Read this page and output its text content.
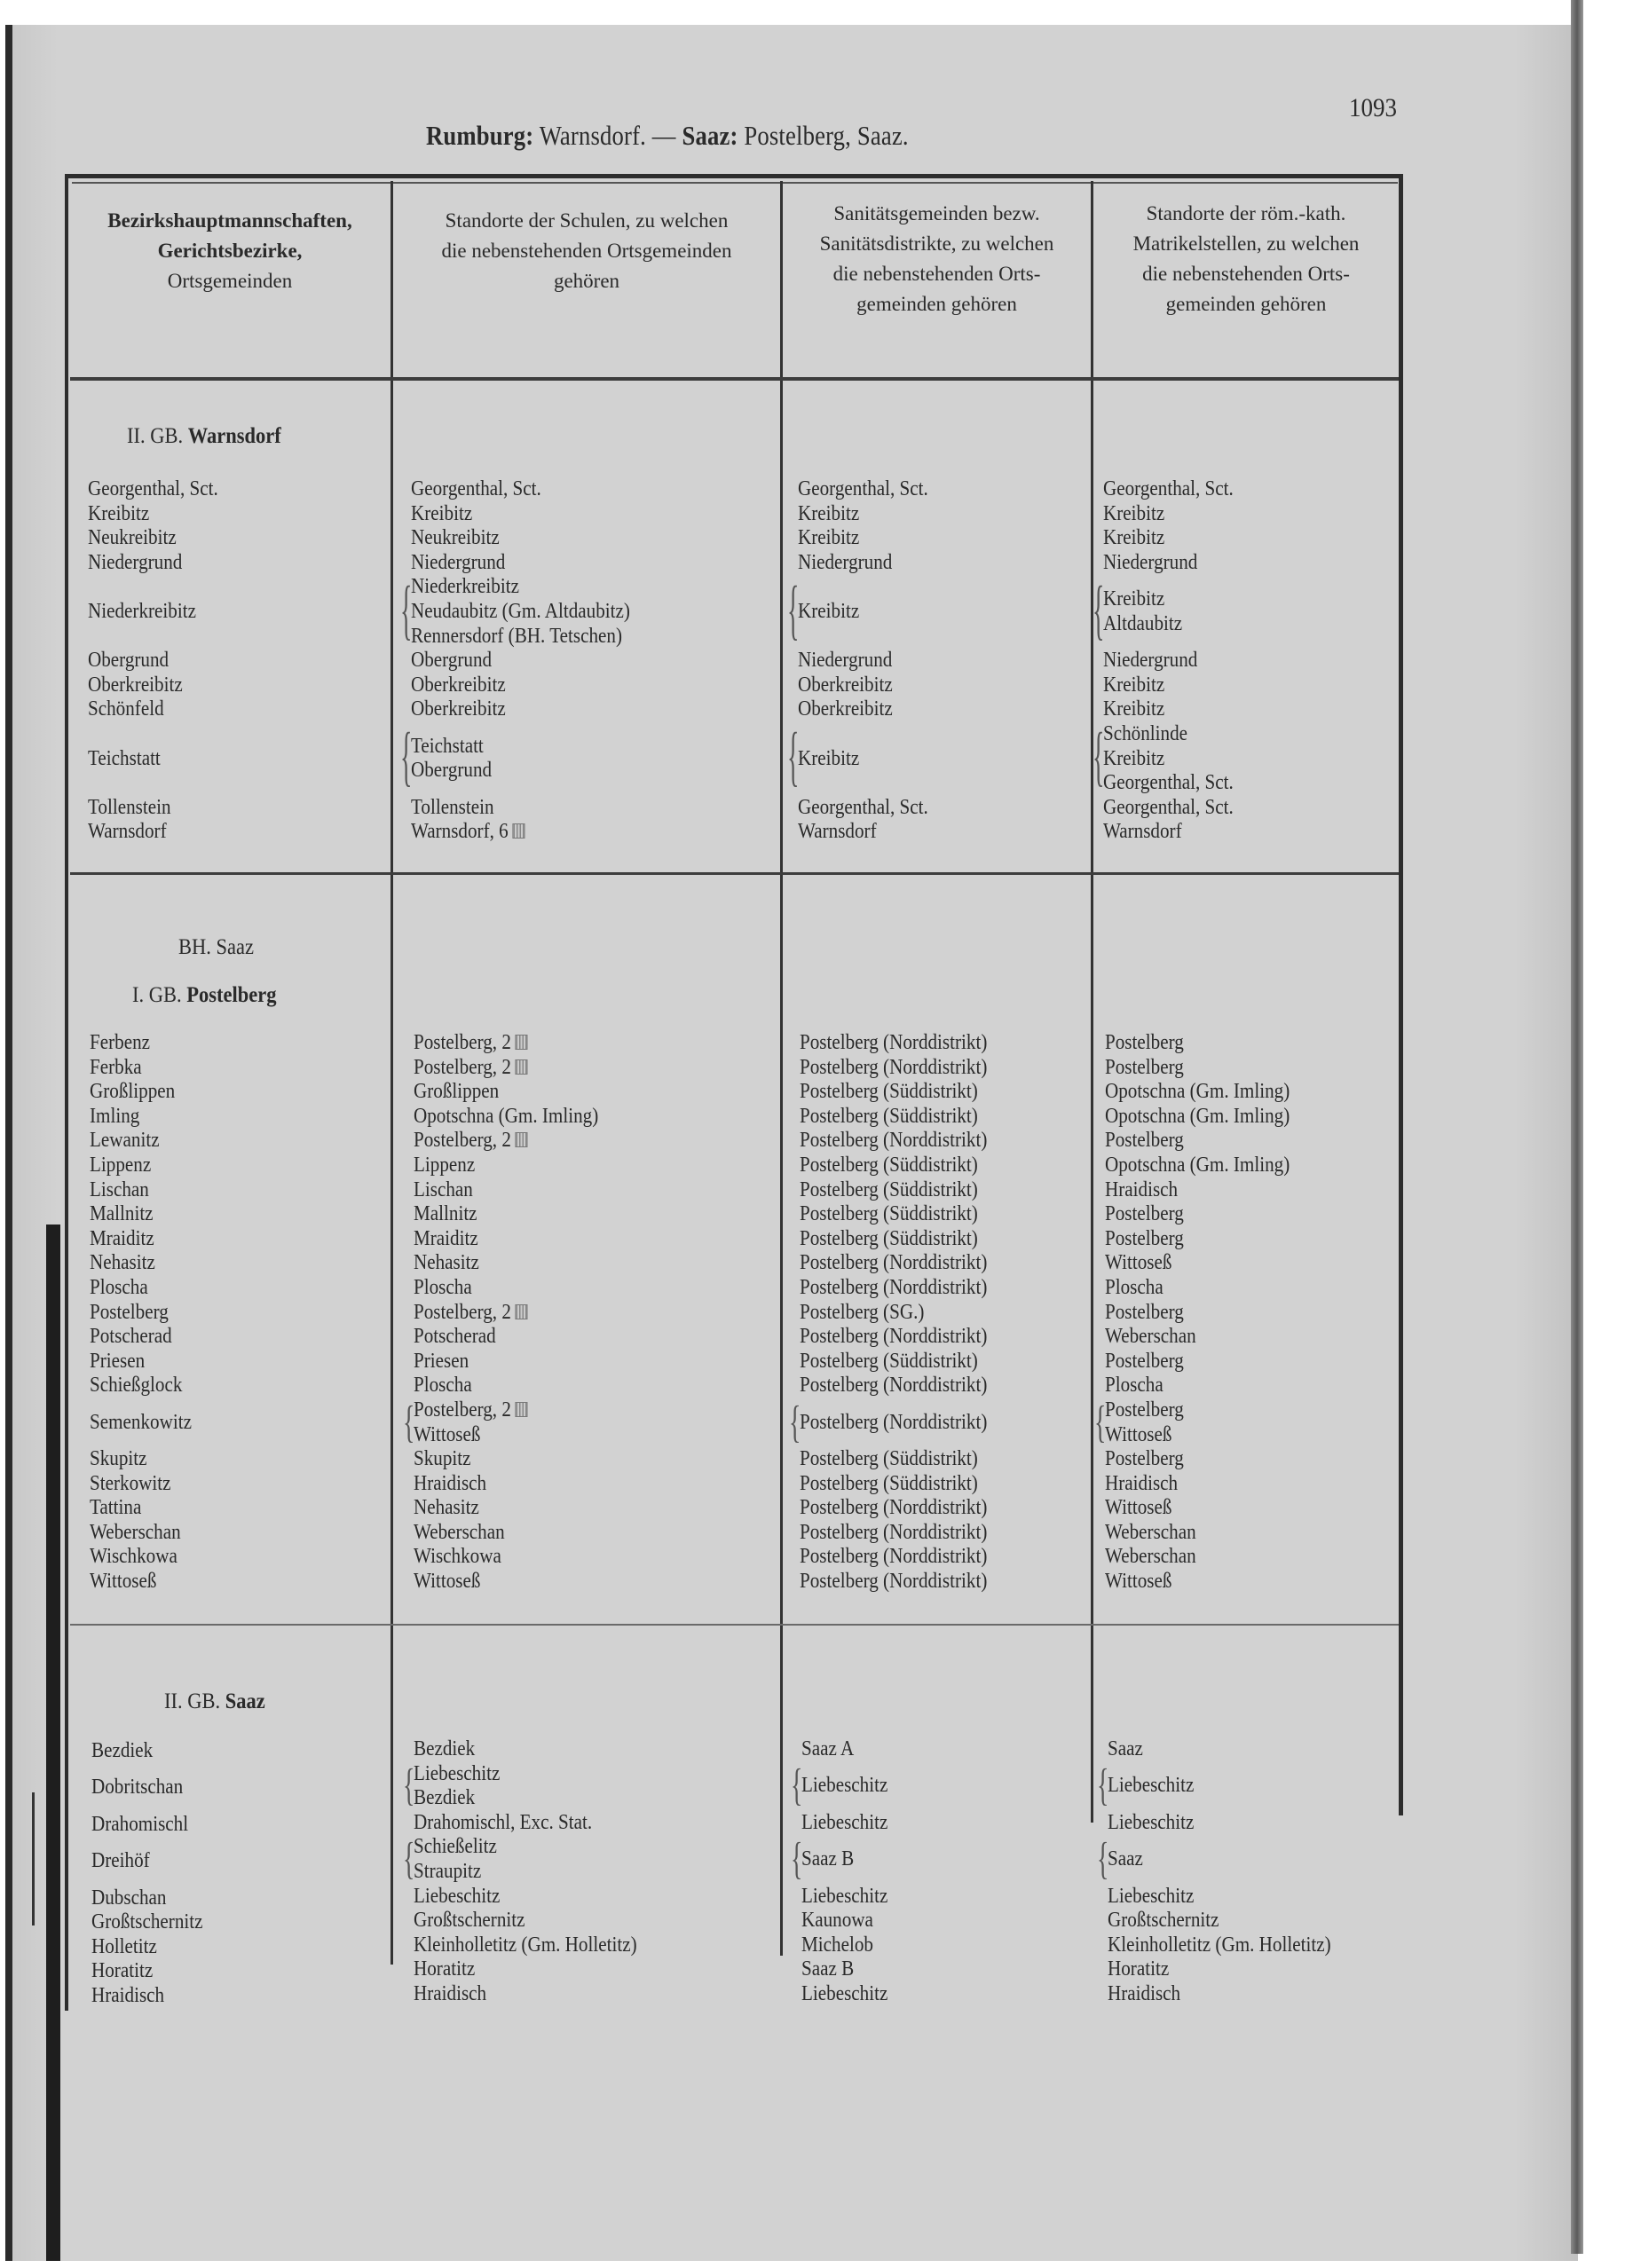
Rumburg: Warnsdorf. — Saaz: Postelberg, Saaz.
1093
Bezirkshauptmannschaften,
Gerichtsbezirke,
Ortsgemeinden
Standorte der Schulen, zu welchen
die nebenstehenden Ortsgemeinden
gehören
Sanitätsgemeinden bezw.
Sanitätsdistrikte, zu welchen
die nebenstehenden Orts-
gemeinden gehören
Standorte der röm.-kath.
Matrikelstellen, zu welchen
die nebenstehenden Orts-
gemeinden gehören
II. GB. Warnsdorf
BH. Saaz
I. GB. Postelberg
II. GB. Saaz
Georgenthal, Sct.
Kreibitz
Neukreibitz
Niedergrund
Niederkreibitz
Obergrund
Oberkreibitz
Schönfeld
Teichstatt
Tollenstein
Warnsdorf
Georgenthal, Sct.
Kreibitz
Neukreibitz
Niedergrund
{
Niederkreibitz
Neudaubitz (Gm. Altdaubitz)
Rennersdorf (BH. Tetschen)
Obergrund
Oberkreibitz
Oberkreibitz
{
Teichstatt
Obergrund
Tollenstein
Warnsdorf, 6
Georgenthal, Sct.
Kreibitz
Kreibitz
Niedergrund
{
Kreibitz
Niedergrund
Oberkreibitz
Oberkreibitz
{
Kreibitz
Georgenthal, Sct.
Warnsdorf
Georgenthal, Sct.
Kreibitz
Kreibitz
Niedergrund
{
Kreibitz
Altdaubitz
Niedergrund
Kreibitz
Kreibitz
{
Schönlinde
Kreibitz
Georgenthal, Sct.
Georgenthal, Sct.
Warnsdorf
Ferbenz
Ferbka
Großlippen
Imling
Lewanitz
Lippenz
Lischan
Mallnitz
Mraiditz
Nehasitz
Ploscha
Postelberg
Potscherad
Priesen
Schießglock
Semenkowitz
Skupitz
Sterkowitz
Tattina
Weberschan
Wischkowa
Wittoseß
Postelberg, 2
Postelberg, 2
Großlippen
Opotschna (Gm. Imling)
Postelberg, 2
Lippenz
Lischan
Mallnitz
Mraiditz
Nehasitz
Ploscha
Postelberg, 2
Potscherad
Priesen
Ploscha
{
Postelberg, 2
Wittoseß
Skupitz
Hraidisch
Nehasitz
Weberschan
Wischkowa
Wittoseß
Postelberg (Norddistrikt)
Postelberg (Norddistrikt)
Postelberg (Süddistrikt)
Postelberg (Süddistrikt)
Postelberg (Norddistrikt)
Postelberg (Süddistrikt)
Postelberg (Süddistrikt)
Postelberg (Süddistrikt)
Postelberg (Süddistrikt)
Postelberg (Norddistrikt)
Postelberg (Norddistrikt)
Postelberg (SG.)
Postelberg (Norddistrikt)
Postelberg (Süddistrikt)
Postelberg (Norddistrikt)
{
Postelberg (Norddistrikt)
Postelberg (Süddistrikt)
Postelberg (Süddistrikt)
Postelberg (Norddistrikt)
Postelberg (Norddistrikt)
Postelberg (Norddistrikt)
Postelberg (Norddistrikt)
Postelberg
Postelberg
Opotschna (Gm. Imling)
Opotschna (Gm. Imling)
Postelberg
Opotschna (Gm. Imling)
Hraidisch
Postelberg
Postelberg
Wittoseß
Ploscha
Postelberg
Weberschan
Postelberg
Ploscha
{
Postelberg
Wittoseß
Postelberg
Hraidisch
Wittoseß
Weberschan
Weberschan
Wittoseß
Bezdiek
Dobritschan
Drahomischl
Dreihöf
Dubschan
Großtschernitz
Holletitz
Horatitz
Hraidisch
Bezdiek
{
Liebeschitz
Bezdiek
Drahomischl, Exc. Stat.
{
Schießelitz
Straupitz
Liebeschitz
Großtschernitz
Kleinholletitz (Gm. Holletitz)
Horatitz
Hraidisch
Saaz A
{
Liebeschitz
Liebeschitz
{
Saaz B
Liebeschitz
Kaunowa
Michelob
Saaz B
Liebeschitz
Saaz
{
Liebeschitz
Liebeschitz
{
Saaz
Liebeschitz
Großtschernitz
Kleinholletitz (Gm. Holletitz)
Horatitz
Hraidisch
